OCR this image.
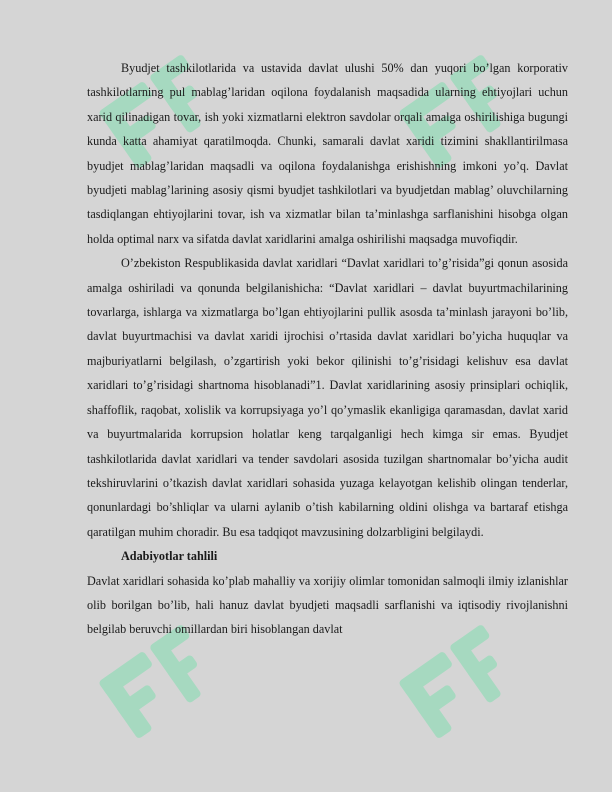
Byudjet tashkilotlarida va ustavida davlat ulushi 50% dan yuqori bo’lgan korporativ tashkilotlarning pul mablag’laridan oqilona foydalanish maqsadida ularning ehtiyojlari uchun xarid qilinadigan tovar, ish yoki xizmatlarni elektron savdolar orqali amalga oshirilishiga bugungi kunda katta ahamiyat qaratilmoqda. Chunki, samarali davlat xaridi tizimini shakllantirilmasa byudjet mablag’laridan maqsadli va oqilona foydalanishga erishishning imkoni yo’q. Davlat byudjeti mablag’larining asosiy qismi byudjet tashkilotlari va byudjetdan mablag’ oluvchilarning tasdiqlangan ehtiyojlarini tovar, ish va xizmatlar bilan ta’minlashga sarflanishini hisobga olgan holda optimal narx va sifatda davlat xaridlarini amalga oshirilishi maqsadga muvofiqdir.

O’zbekiston Respublikasida davlat xaridlari “Davlat xaridlari to’g’risida”gi qonun asosida amalga oshiriladi va qonunda belgilanishicha: “Davlat xaridlari – davlat buyurtmachilarining tovarlarga, ishlarga va xizmatlarga bo’lgan ehtiyojlarini pullik asosda ta’minlash jarayoni bo’lib, davlat buyurtmachisi va davlat xaridi ijrochisi o’rtasida davlat xaridlari bo’yicha huquqlar va majburiyatlarni belgilash, o’zgartirish yoki bekor qilinishi to’g’risidagi kelishuv esa davlat xaridlari to’g’risidagi shartnoma hisoblanadi”1. Davlat xaridlarining asosiy prinsiplari ochiqlik, shaffoflik, raqobat, xolislik va korrupsiyaga yo’l qo’ymaslik ekanligiga qaramasdan, davlat xarid va buyurtmalarida korrupsion holatlar keng tarqalganligi hech kimga sir emas. Byudjet tashkilotlarida davlat xaridlari va tender savdolari asosida tuzilgan shartnomalar bo’yicha audit tekshiruvlarini o’tkazish davlat xaridlari sohasida yuzaga kelayotgan kelishib olingan tenderlar, qonunlardagi bo’shliqlar va ularni aylanib o’tish kabilarning oldini olishga va bartaraf etishga qaratilgan muhim choradir. Bu esa tadqiqot mavzusining dolzarbligini belgilaydi.

Adabiyotlar tahlili

Davlat xaridlari sohasida ko’plab mahalliy va xorijiy olimlar tomonidan salmoqli ilmiy izlanishlar olib borilgan bo’lib, hali hanuz davlat byudjeti maqsadli sarflanishi va iqtisodiy rivojlanishni belgilab beruvchi omillardan biri hisoblangan davlat
